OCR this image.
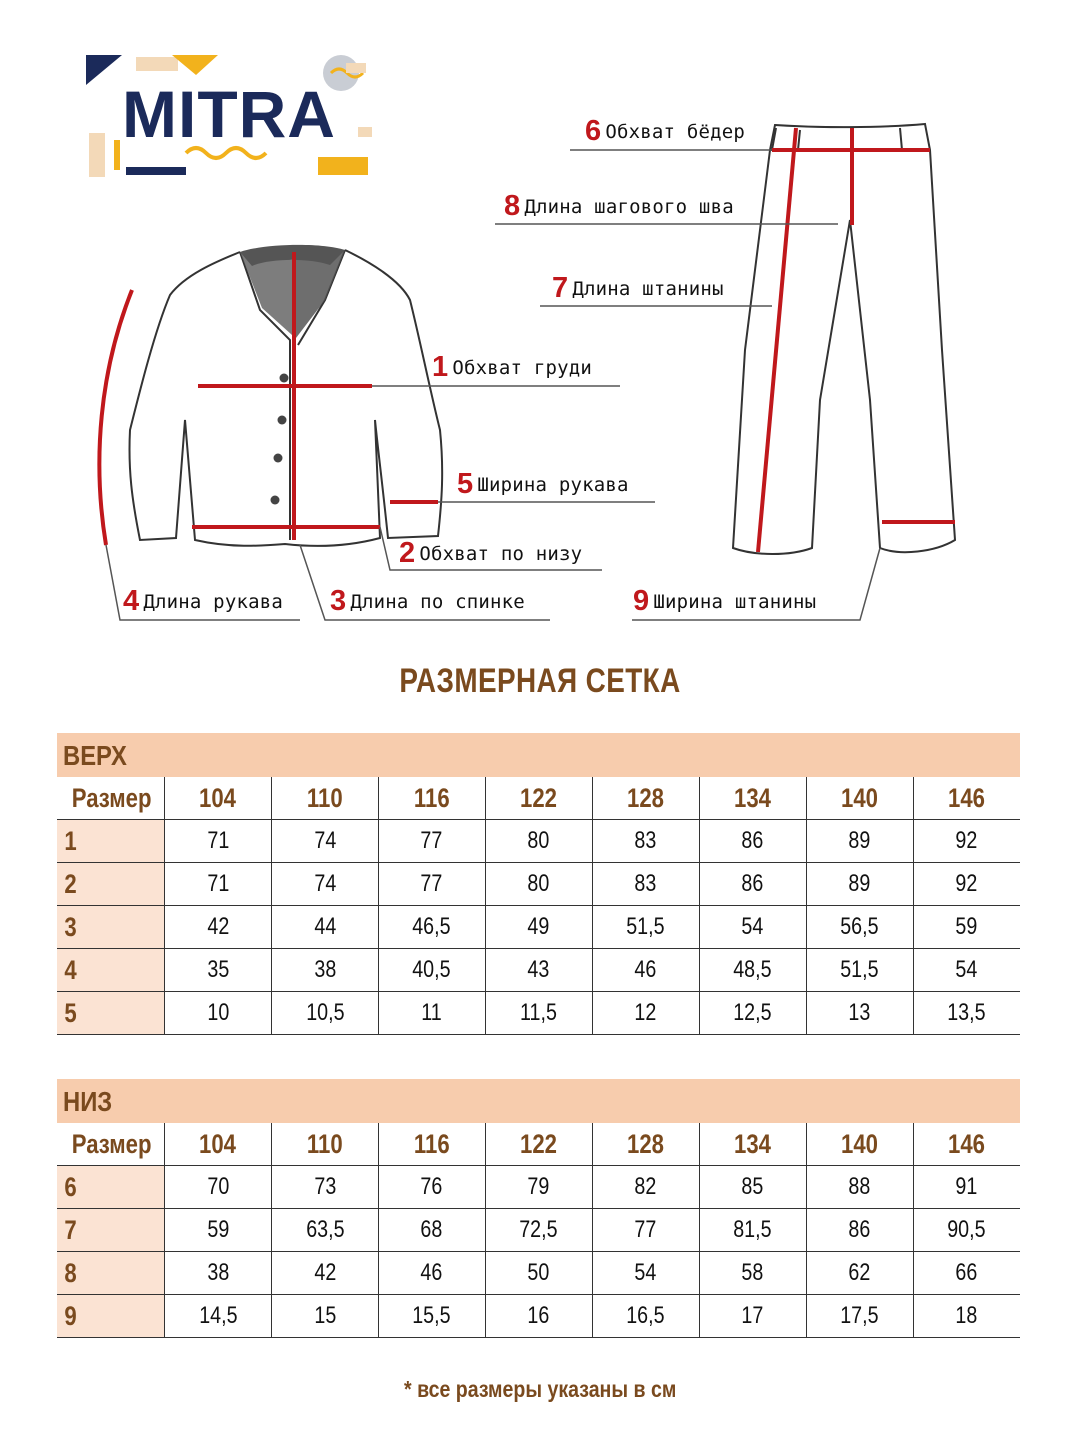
MITRA	6 Обхват бёдер
8 Длина шагового шва
7 Длина штанины
1 Обхват груди
5 Ширина рукава
2 Обхват по низу
4 Длина рукава 3 Длина по спинке	9 Ширина штанины
РАЗМЕРНАЯ СЕТКА
ВЕРХ
Размер	104	110	116	122	128	134	140	146
1	71	74	77	80	83	86	89	92
2	71	74	77	80	83	86	89	92
3	42	44	46,5	49	51,5	54	56,5	59
4	35	38	40,5	43	46	48,5	51,5	54
5	10	10,5	11	11,5	12	12,5	13	13,5
НИЗ
Размер	104	110	116	122	128	134	140	146
6	70	73	76	79	82	85	88	91
7	59	63,5	68	72,5	77	81,5	86	90,5
8	38	42	46	50	54	58	62	66
9	14,5	15	15,5	16	16,5	17	17,5	18
* все размеры указаны в см
